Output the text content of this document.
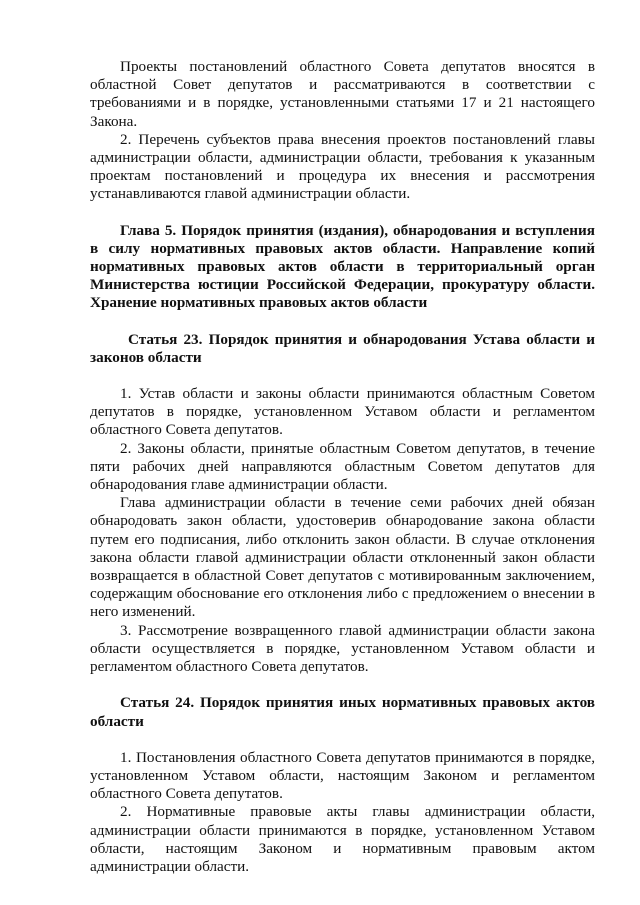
Проекты постановлений областного Совета депутатов вносятся в областной Совет депутатов и рассматриваются в соответствии с требованиями и в порядке, установленными статьями 17 и 21 настоящего Закона.

2. Перечень субъектов права внесения проектов постановлений главы администрации области, администрации области, требования к указанным проектам постановлений и процедура их внесения и рассмотрения устанавливаются главой администрации области.

Глава 5. Порядок принятия (издания), обнародования и вступления в силу нормативных правовых актов области. Направление копий нормативных правовых актов области в территориальный орган Министерства юстиции Российской Федерации, прокуратуру области. Хранение нормативных правовых актов области

Статья 23. Порядок принятия и обнародования Устава области и законов области

1. Устав области и законы области принимаются областным Советом депутатов в порядке, установленном Уставом области и регламентом областного Совета депутатов.

2. Законы области, принятые областным Советом депутатов, в течение пяти рабочих дней направляются областным Советом депутатов для обнародования главе администрации области.

Глава администрации области в течение семи рабочих дней обязан обнародовать закон области, удостоверив обнародование закона области путем его подписания, либо отклонить закон области. В случае отклонения закона области главой администрации области отклоненный закон области возвращается в областной Совет депутатов с мотивированным заключением, содержащим обоснование его отклонения либо с предложением о внесении в него изменений.

3. Рассмотрение возвращенного главой администрации области закона области осуществляется в порядке, установленном Уставом области и регламентом областного Совета депутатов.

Статья 24. Порядок принятия иных нормативных правовых актов области

1. Постановления областного Совета депутатов принимаются в порядке, установленном Уставом области, настоящим Законом и регламентом областного Совета депутатов.

2. Нормативные правовые акты главы администрации области, администрации области принимаются в порядке, установленном Уставом области, настоящим Законом и нормативным правовым актом администрации области.
